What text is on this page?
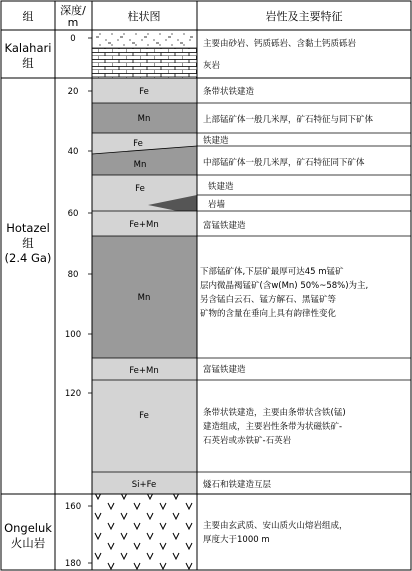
组 深度/
m	柱状图	岩性及主要特征
Kalahari
组
Hotazel
组
(2.4 Ga)
Ongeluk
火山岩
0
20
40
60
80
100
120
160
180
Fe
Mn
Fe
Mn
Fe
Fe+Mn
Mn
Fe+Mn
Fe
Si+Fe
主要由砂岩、钙质砾岩、含黏土钙质砾岩
灰岩
条带状铁建造
上部锰矿体一般几米厚，矿石特征与同下矿体
铁建造
中部锰矿体一般几米厚，矿石特征同下矿体
铁建造
岩墙
富锰铁建造
下部锰矿体,下层矿最厚可达45 m锰矿
层内微晶褐锰矿(含w(Mn) 50%~58%)为主,
另含锰白云石、锰方解石、黑锰矿等
矿物的含量在垂向上具有韵律性变化
富锰铁建造
条带状铁建造，主要由条带状含铁(锰)
建造组成，主要岩性条带为状磁铁矿-
石英岩或赤铁矿-石英岩
燧石和铁建造互层
主要由玄武质、安山质火山熔岩组成，
厚度大于1000 m
